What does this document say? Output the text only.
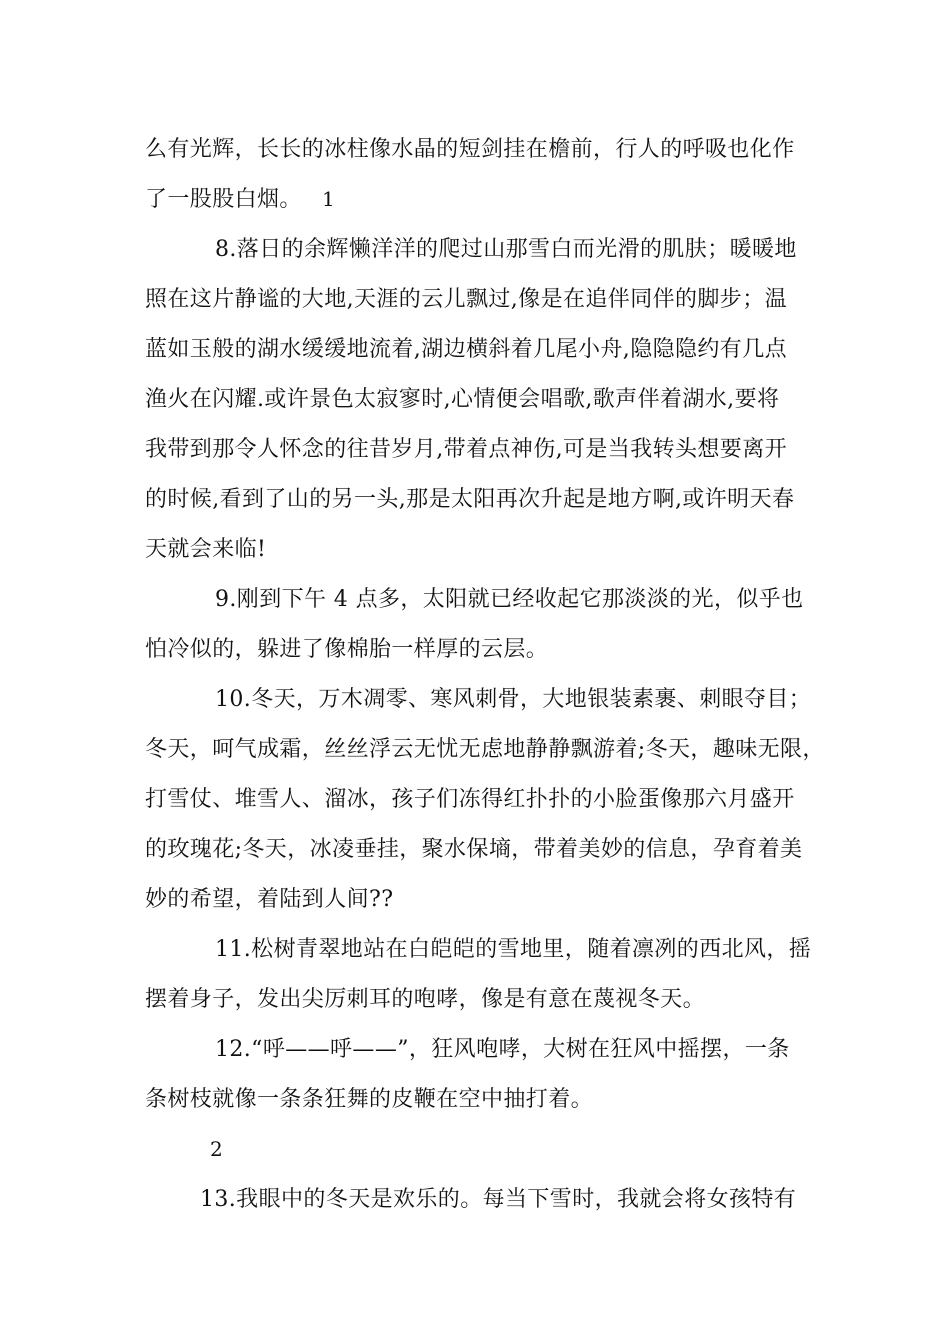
么有光辉，长长的冰柱像水晶的短剑挂在檐前，行人的呼吸也化作
了一股股白烟。 1
8.落日的余辉懒洋洋的爬过山那雪白而光滑的肌肤；暖暖地
照在这片静谧的大地,天涯的云儿飘过,像是在追伴同伴的脚步；温
蓝如玉般的湖水缓缓地流着,湖边横斜着几尾小舟,隐隐隐约有几点
渔火在闪耀.或许景色太寂寥时,心情便会唱歌,歌声伴着湖水,要将
我带到那令人怀念的往昔岁月,带着点神伤,可是当我转头想要离开
的时候,看到了山的另一头,那是太阳再次升起是地方啊,或许明天春
天就会来临!
9.刚到下午 4 点多，太阳就已经收起它那淡淡的光，似乎也
怕冷似的，躲进了像棉胎一样厚的云层。
10.冬天，万木凋零、寒风刺骨，大地银装素裹、刺眼夺目；
冬天，呵气成霜，丝丝浮云无忧无虑地静静飘游着;冬天，趣味无限，
打雪仗、堆雪人、溜冰，孩子们冻得红扑扑的小脸蛋像那六月盛开
的玫瑰花;冬天，冰凌垂挂，聚水保墒，带着美妙的信息，孕育着美
妙的希望，着陆到人间??
11.松树青翠地站在白皑皑的雪地里，随着凛冽的西北风，摇
摆着身子，发出尖厉刺耳的咆哮，像是有意在蔑视冬天。
12.“呼——呼——”，狂风咆哮，大树在狂风中摇摆，一条
条树枝就像一条条狂舞的皮鞭在空中抽打着。
2
13.我眼中的冬天是欢乐的。每当下雪时，我就会将女孩特有
